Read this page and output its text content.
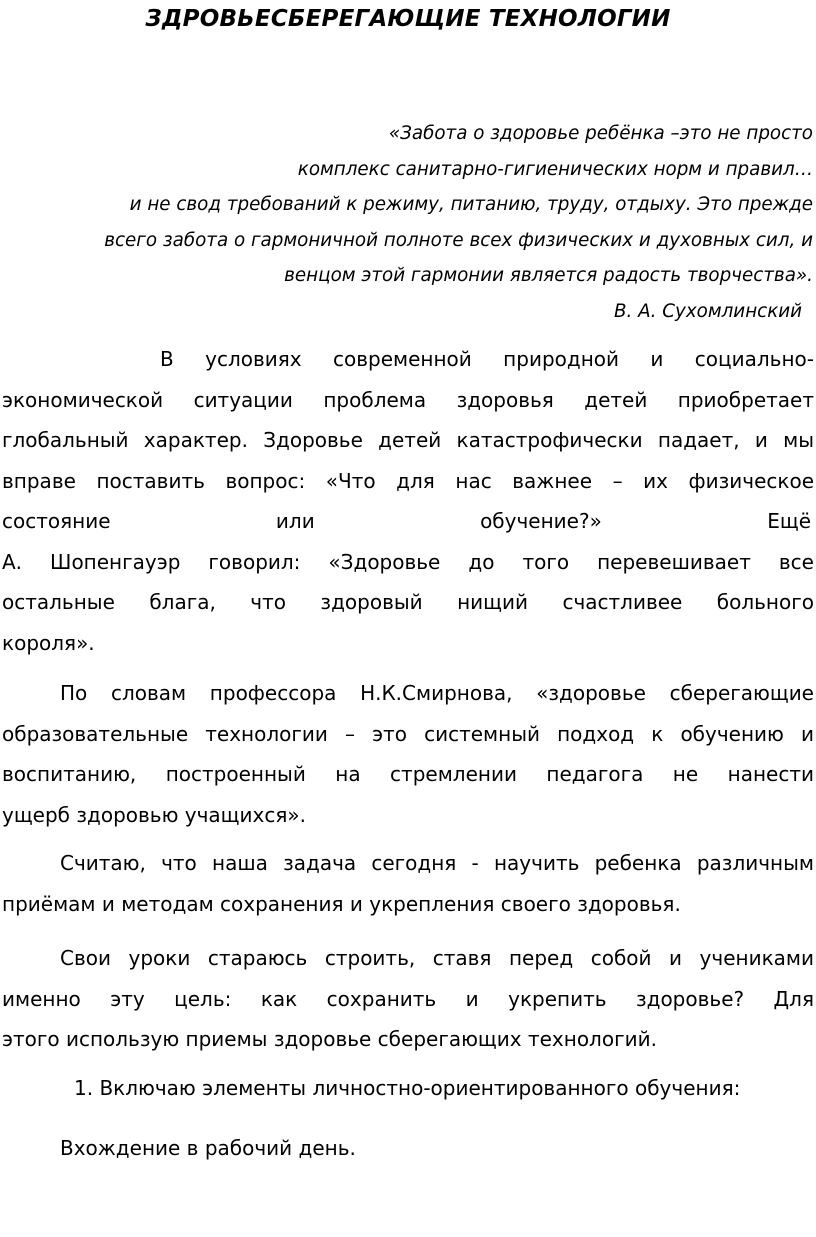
ЗДРОВЬЕСБЕРЕГАЮЩИЕ ТЕХНОЛОГИИ
«Забота о здоровье ребёнка –это не просто
комплекс санитарно-гигиенических норм и правил…
и не свод требований к режиму, питанию, труду, отдыху. Это прежде
всего забота о гармоничной полноте всех физических и духовных сил, и
венцом этой гармонии является радость творчества».
В. А. Сухомлинский
В условиях современной природной и социально-
экономической ситуации проблема здоровья детей приобретает
глобальный характер. Здоровье детей катастрофически падает, и мы
вправе поставить вопрос: «Что для нас важнее – их физическое
состояние или обучение?» Ещё
А. Шопенгауэр говорил: «Здоровье до того перевешивает все
остальные блага, что здоровый нищий счастливее больного
короля».
По словам профессора Н.К.Смирнова, «здоровье сберегающие
образовательные технологии – это системный подход к обучению и
воспитанию, построенный на стремлении педагога не нанести
ущерб здоровью учащихся».
Считаю, что наша задача сегодня - научить ребенка различным
приёмам и методам сохранения и укрепления своего здоровья.
Свои уроки стараюсь строить, ставя перед собой и учениками
именно эту цель: как сохранить и укрепить здоровье? Для
этого использую приемы здоровье сберегающих технологий.
1. Включаю элементы личностно-ориентированного обучения:
Вхождение в рабочий день.
